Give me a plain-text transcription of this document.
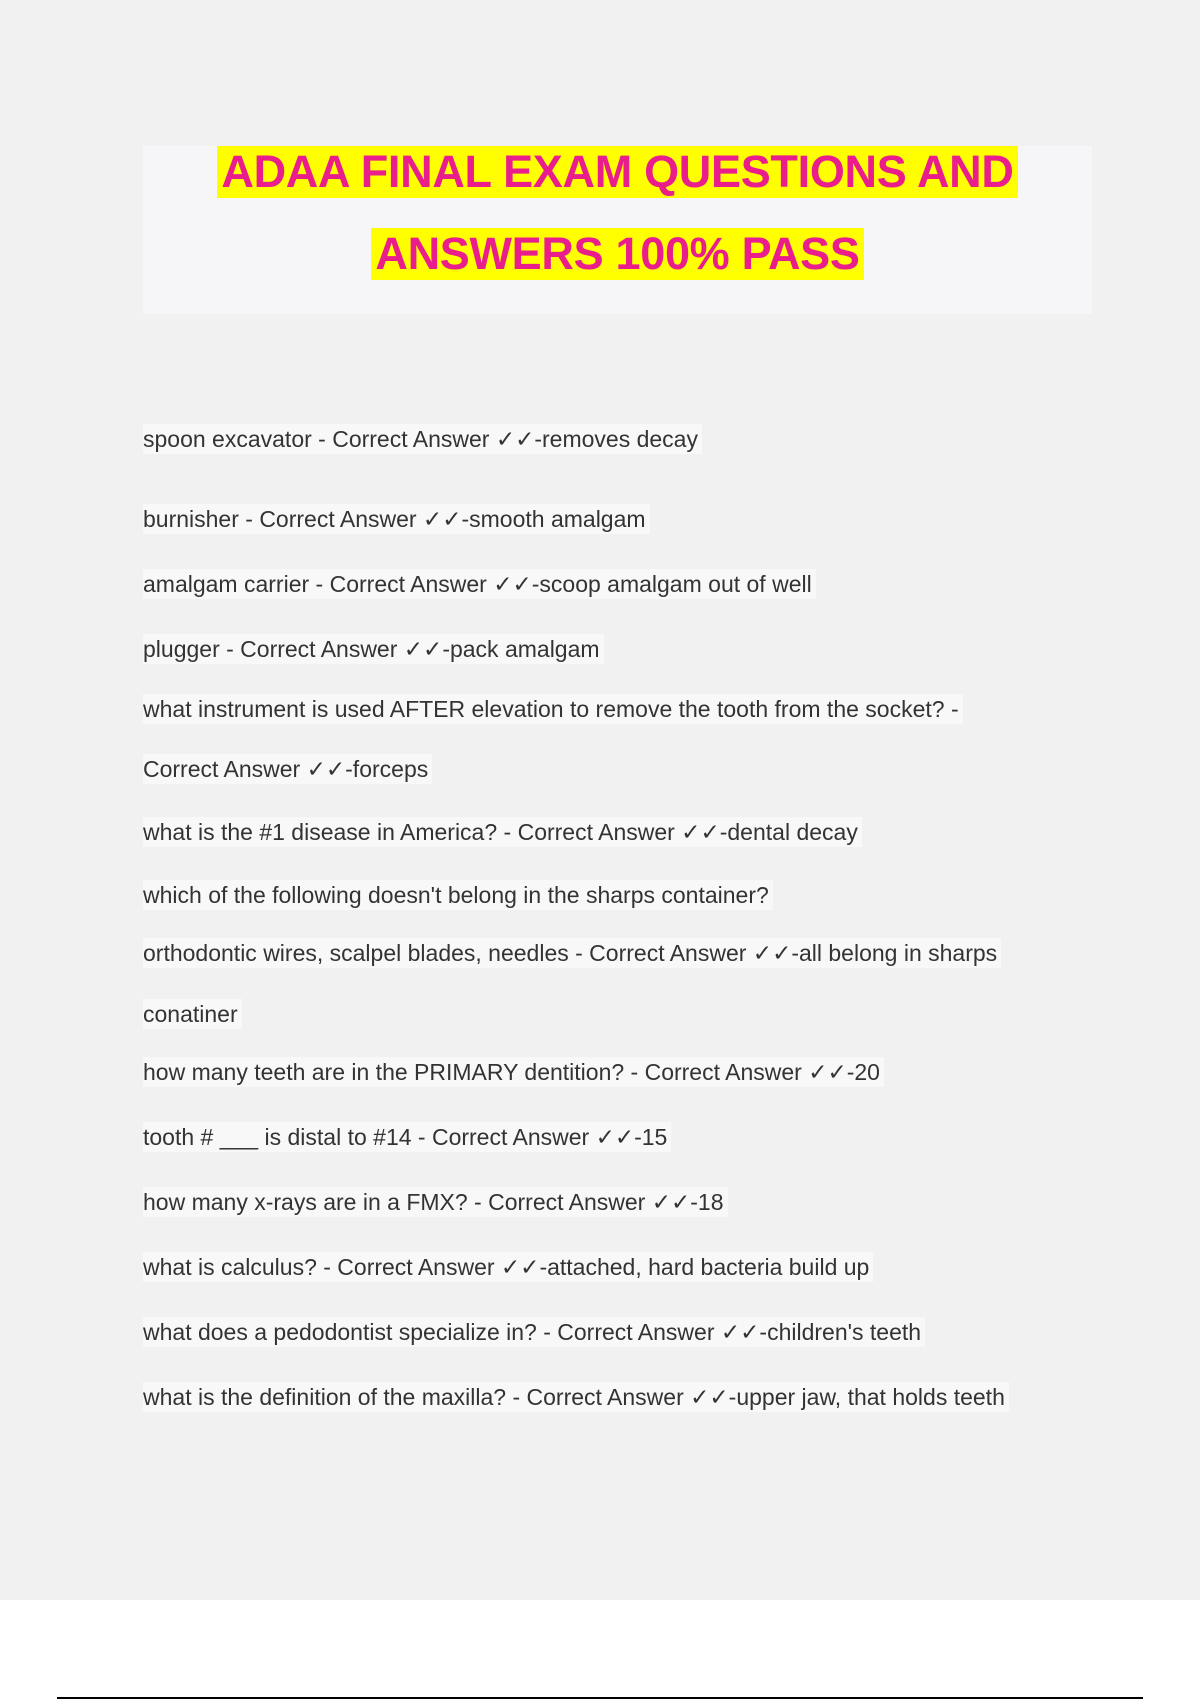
ADAA FINAL EXAM QUESTIONS AND
ANSWERS 100% PASS

spoon excavator - Correct Answer ✓✓-removes decay

burnisher - Correct Answer ✓✓-smooth amalgam

amalgam carrier - Correct Answer ✓✓-scoop amalgam out of well

plugger - Correct Answer ✓✓-pack amalgam

what instrument is used AFTER elevation to remove the tooth from the socket? -

Correct Answer ✓✓-forceps

what is the #1 disease in America? - Correct Answer ✓✓-dental decay

which of the following doesn't belong in the sharps container?

orthodontic wires, scalpel blades, needles - Correct Answer ✓✓-all belong in sharps

conatiner

how many teeth are in the PRIMARY dentition? - Correct Answer ✓✓-20

tooth # ___ is distal to #14 - Correct Answer ✓✓-15

how many x-rays are in a FMX? - Correct Answer ✓✓-18

what is calculus? - Correct Answer ✓✓-attached, hard bacteria build up

what does a pedodontist specialize in? - Correct Answer ✓✓-children's teeth

what is the definition of the maxilla? - Correct Answer ✓✓-upper jaw, that holds teeth
